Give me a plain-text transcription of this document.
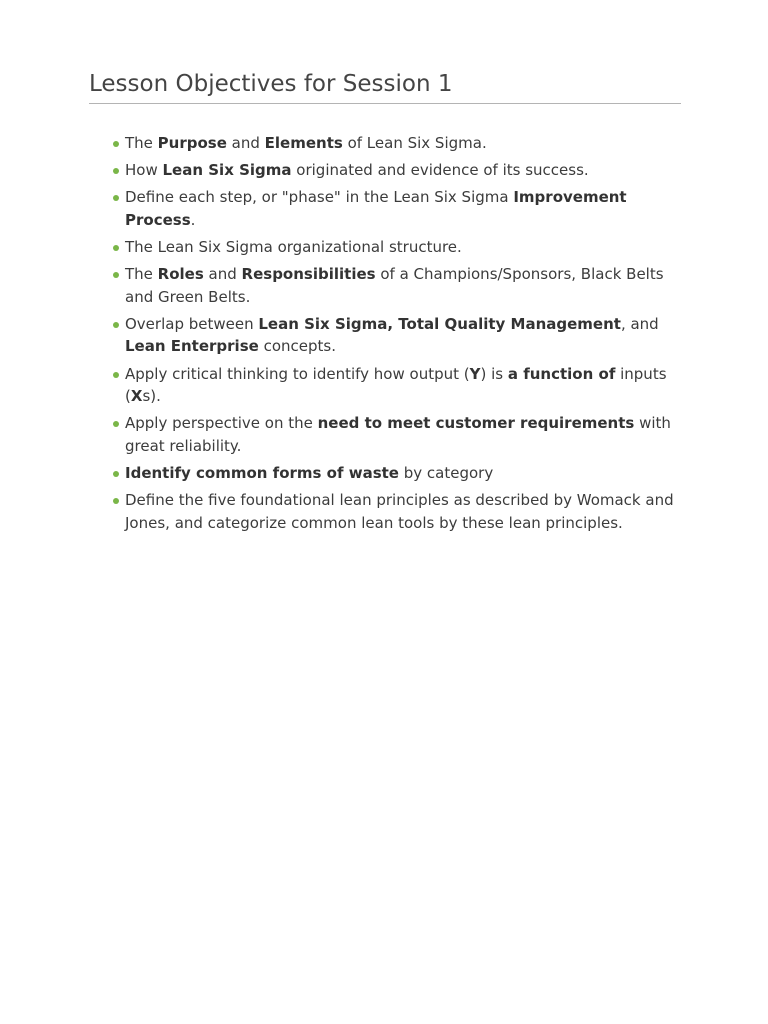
Lesson Objectives for Session 1
The Purpose and Elements of Lean Six Sigma.
How Lean Six Sigma originated and evidence of its success.
Define each step, or "phase" in the Lean Six Sigma Improvement Process.
The Lean Six Sigma organizational structure.
The Roles and Responsibilities of a Champions/Sponsors, Black Belts and Green Belts.
Overlap between Lean Six Sigma, Total Quality Management, and Lean Enterprise concepts.
Apply critical thinking to identify how output (Y) is a function of inputs (Xs).
Apply perspective on the need to meet customer requirements with great reliability.
Identify common forms of waste by category
Define the five foundational lean principles as described by Womack and Jones, and categorize common lean tools by these lean principles.
